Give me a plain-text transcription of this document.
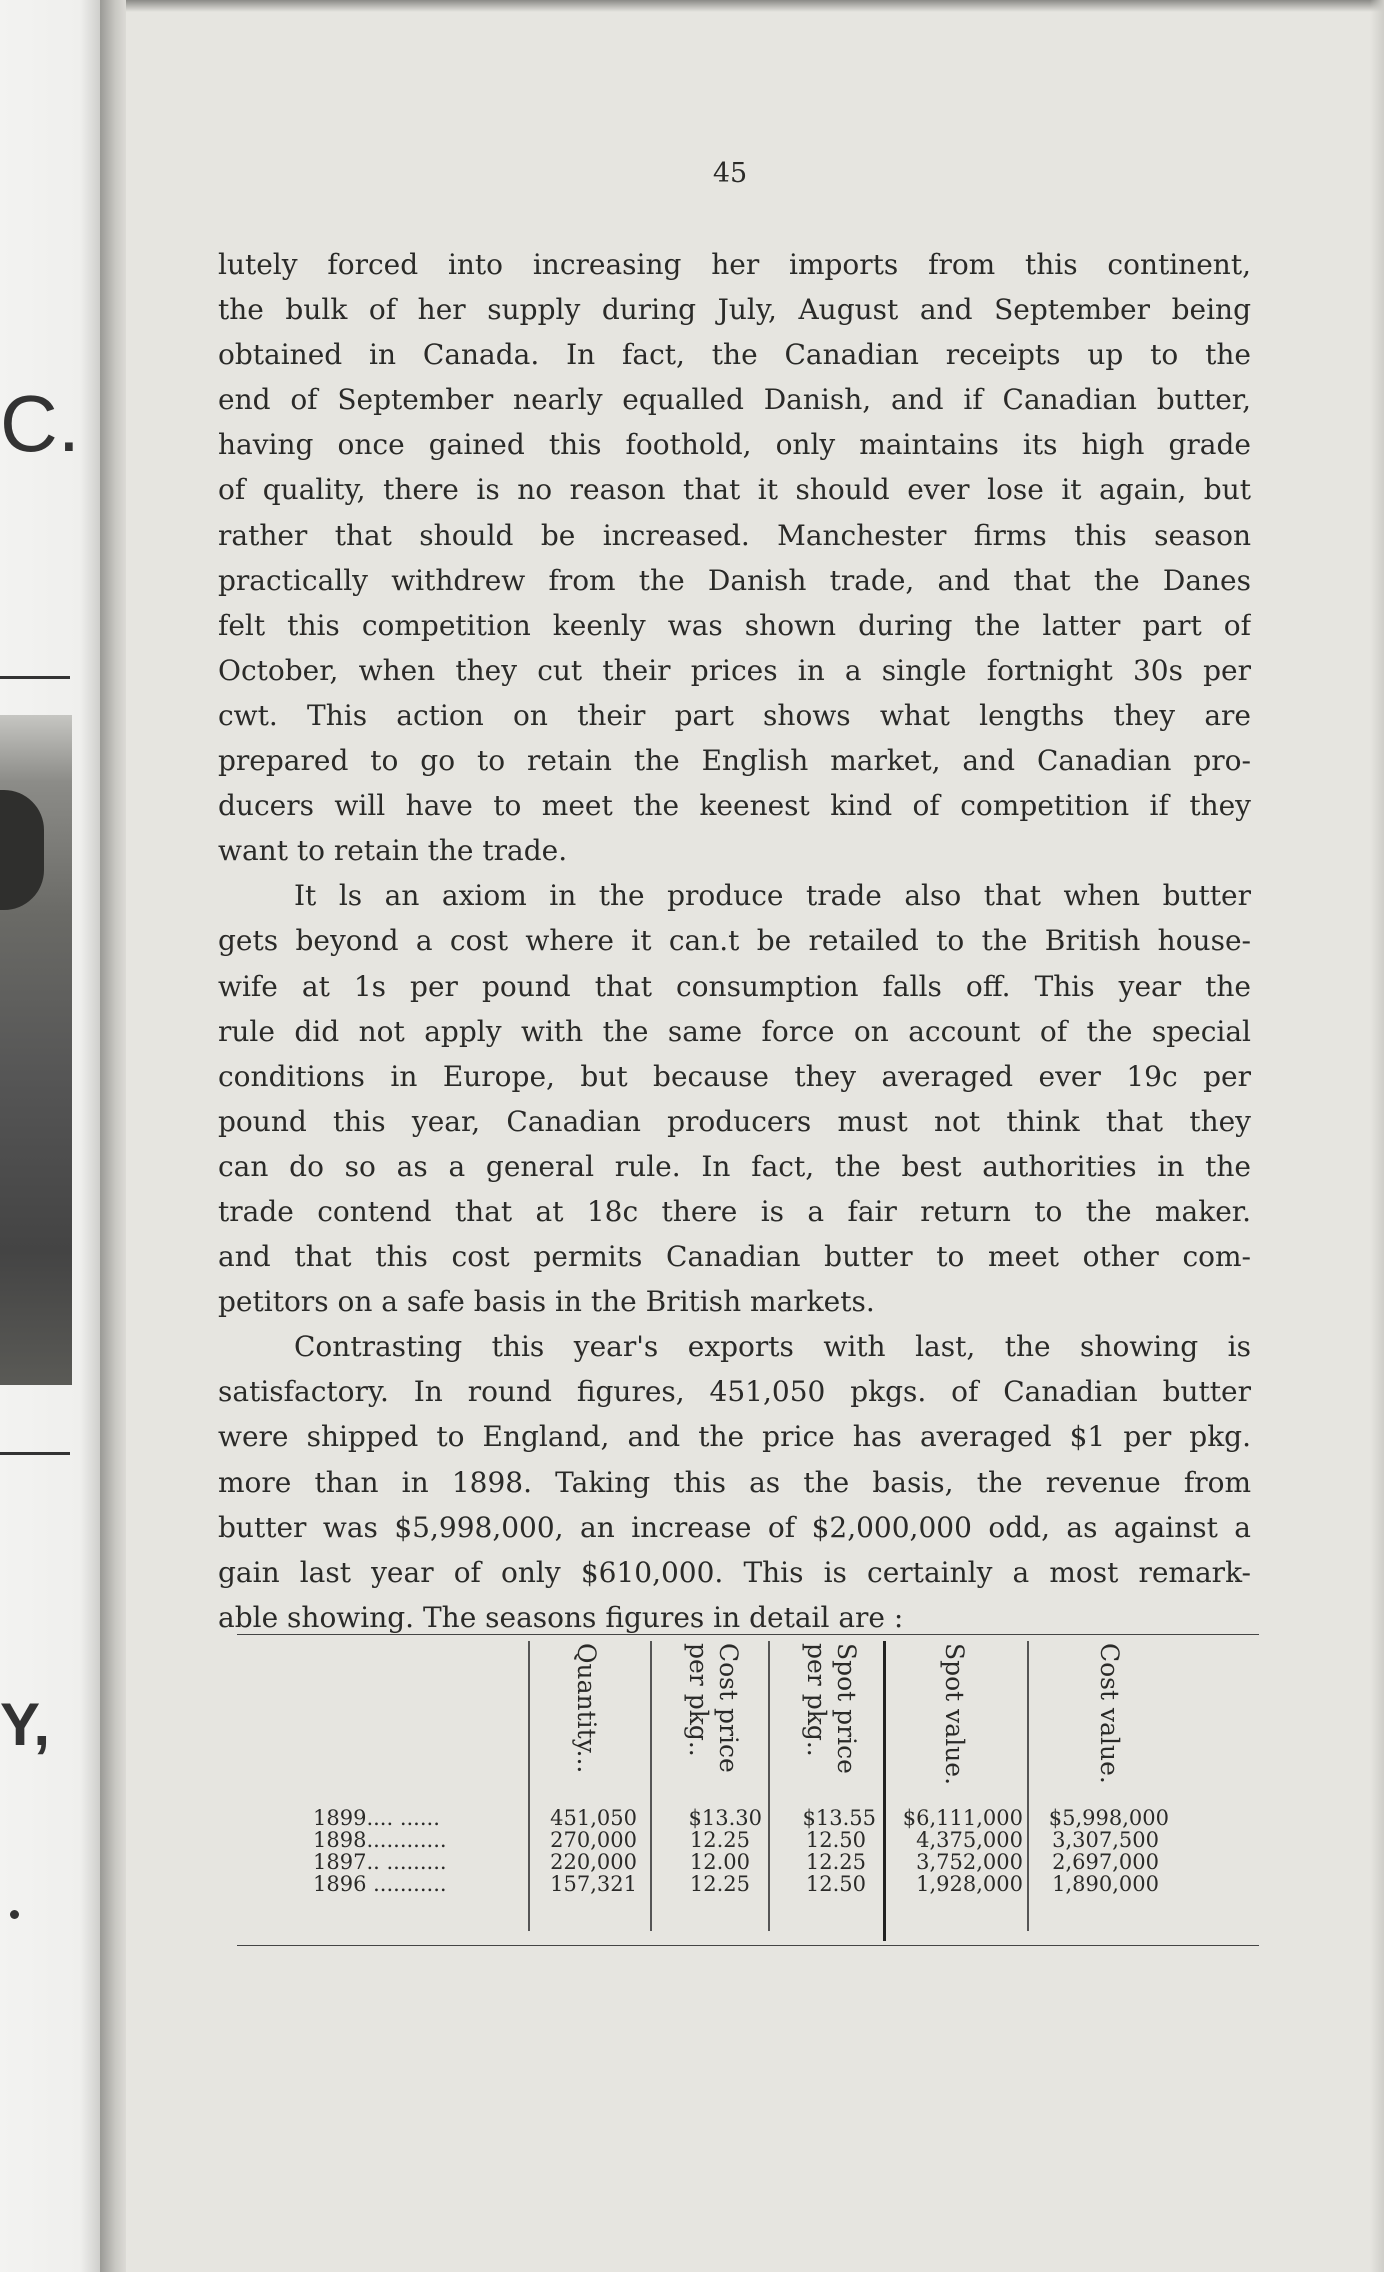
C.
Y,
45
lutely forced into increasing her imports from this continent,
the bulk of her supply during July, August and September being
obtained in Canada. In fact, the Canadian receipts up to the
end of September nearly equalled Danish, and if Canadian butter,
having once gained this foothold, only maintains its high grade
of quality, there is no reason that it should ever lose it again, but
rather that should be increased. Manchester firms this season
practically withdrew from the Danish trade, and that the Danes
felt this competition keenly was shown during the latter part of
October, when they cut their prices in a single fortnight 30s per
cwt. This action on their part shows what lengths they are
prepared to go to retain the English market, and Canadian pro-
ducers will have to meet the keenest kind of competition if they
want to retain the trade.
It ls an axiom in the produce trade also that when butter
gets beyond a cost where it can.t be retailed to the British house-
wife at 1s per pound that consumption falls off. This year the
rule did not apply with the same force on account of the special
conditions in Europe, but because they averaged ever 19c per
pound this year, Canadian producers must not think that they
can do so as a general rule. In fact, the best authorities in the
trade contend that at 18c there is a fair return to the maker.
and that this cost permits Canadian butter to meet other com-
petitors on a safe basis in the British markets.
Contrasting this year's exports with last, the showing is
satisfactory. In round figures, 451,050 pkgs. of Canadian butter
were shipped to England, and the price has averaged $1 per pkg.
more than in 1898. Taking this as the basis, the revenue from
butter was $5,998,000, an increase of $2,000,000 odd, as against a
gain last year of only $610,000. This is certainly a most remark-
able showing. The seasons figures in detail are :
Quantity...	Cost price per pkg..	Spot price per pkg..	Spot value.	Cost value.
1899.... ......	451,050	$13.30	$13.55	$6,111,000	$5,998,000
1898............	270,000	12.25	12.50	4,375,000	3,307,500
1897.. .........	220,000	12.00	12.25	3,752,000	2,697,000
1896 ...........	157,321	12.25	12.50	1,928,000	1,890,000
